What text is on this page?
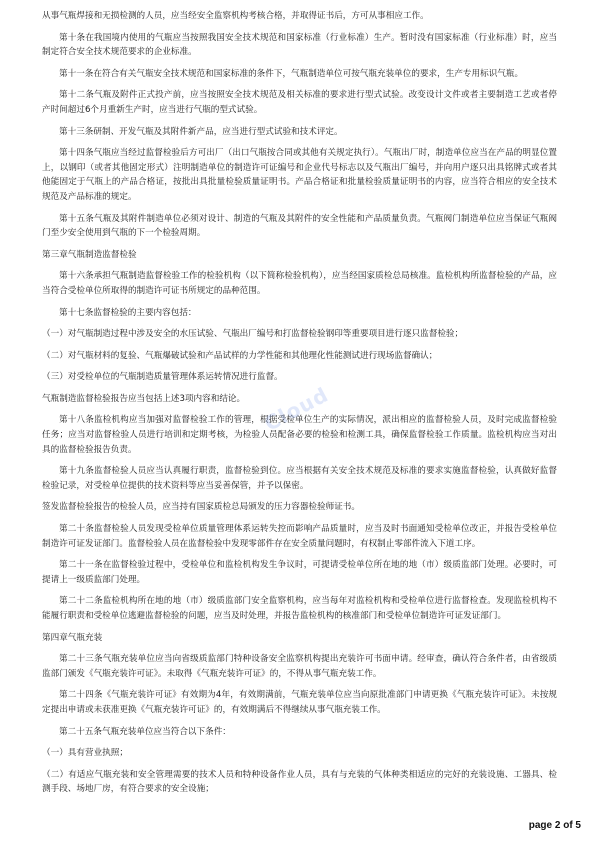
从事气瓶焊接和无损检测的人员，应当经安全监察机构考核合格，并取得证书后，方可从事相应工作。

第十条在我国境内使用的气瓶应当按照我国安全技术规范和国家标准（行业标准）生产。暂时没有国家标准（行业标准）时，应当制定符合安全技术规范要求的企业标准。

第十一条在符合有关气瓶安全技术规范和国家标准的条件下，气瓶制造单位可按气瓶充装单位的要求，生产专用标识气瓶。

第十二条气瓶及附件正式投产前，应当按照安全技术规范及相关标准的要求进行型式试验。改变设计文件或者主要制造工艺或者停产时间超过6个月重新生产时，应当进行气瓶的型式试验。

第十三条研制、开发气瓶及其附件新产品，应当进行型式试验和技术评定。

第十四条气瓶应当经过监督检验后方可出厂（出口气瓶按合同或其他有关规定执行）。气瓶出厂时，制造单位应当在产品的明显位置上，以钢印（或者其他固定形式）注明制造单位的制造许可证编号和企业代号标志以及气瓶出厂编号，并向用户逐只出具铭牌式或者其他能固定于气瓶上的产品合格证，按批出具批量检验质量证明书。产品合格证和批量检验质量证明书的内容，应当符合相应的安全技术规范及产品标准的规定。

第十五条气瓶及其附件制造单位必须对设计、制造的气瓶及其附件的安全性能和产品质量负责。气瓶阀门制造单位应当保证气瓶阀门至少安全使用到气瓶的下一个检验周期。

第三章气瓶制造监督检验

第十六条承担气瓶制造监督检验工作的检验机构（以下简称检验机构），应当经国家质检总局核准。监检机构所监督检验的产品，应当符合受检单位所取得的制造许可证书所规定的品种范围。

第十七条监督检验的主要内容包括：

（一）对气瓶制造过程中涉及安全的水压试验、气瓶出厂编号和打监督检验钢印等重要项目进行逐只监督检验；

（二）对气瓶材料的复验、气瓶爆破试验和产品试样的力学性能和其他理化性能测试进行现场监督确认；

（三）对受检单位的气瓶制造质量管理体系运转情况进行监督。

气瓶制造监督检验报告应当包括上述3项内容和结论。

第十八条监检机构应当加强对监督检验工作的管理，根据受检单位生产的实际情况，派出相应的监督检验人员，及时完成监督检验任务；应当对监督检验人员进行培训和定期考核，为检验人员配备必要的检验和检测工具，确保监督检验工作质量。监检机构应当对出具的监督检验报告负责。

第十九条监督检验人员应当认真履行职责，监督检验到位。应当根据有关安全技术规范及标准的要求实施监督检验，认真做好监督检验记录，对受检单位提供的技术资料等应当妥善保管，并予以保密。

签发监督检验报告的检验人员，应当持有国家质检总局颁发的压力容器检验师证书。

第二十条监督检验人员发现受检单位质量管理体系运转失控而影响产品质量时，应当及时书面通知受检单位改正，并报告受检单位制造许可证发证部门。监督检验人员在监督检验中发现零部件存在安全质量问题时，有权制止零部件流入下道工序。

第二十一条在监督检验过程中，受检单位和监检机构发生争议时，可提请受检单位所在地的地（市）级质监部门处理。必要时，可提请上一级质监部门处理。

第二十二条监检机构所在地的地（市）级质监部门安全监察机构，应当每年对监检机构和受检单位进行监督检查。发现监检机构不能履行职责和受检单位逃避监督检验的问题，应当及时处理，并报告监检机构的核准部门和受检单位制造许可证发证部门。

第四章气瓶充装

第二十三条气瓶充装单位应当向省级质监部门特种设备安全监察机构提出充装许可书面申请。经审查，确认符合条件者，由省级质监部门颁发《气瓶充装许可证》。未取得《气瓶充装许可证》的，不得从事气瓶充装工作。

第二十四条《气瓶充装许可证》有效期为4年，有效期满前，气瓶充装单位应当向原批准部门申请更换《气瓶充装许可证》。未按规定提出申请或未获准更换《气瓶充装许可证》的，有效期满后不得继续从事气瓶充装工作。

第二十五条气瓶充装单位应当符合以下条件：

（一）具有营业执照；

（二）有适应气瓶充装和安全管理需要的技术人员和特种设备作业人员，具有与充装的气体种类相适应的完好的充装设施、工器具、检测手段、场地厂房，有符合要求的安全设施；

Cloud
page 2 of 5
